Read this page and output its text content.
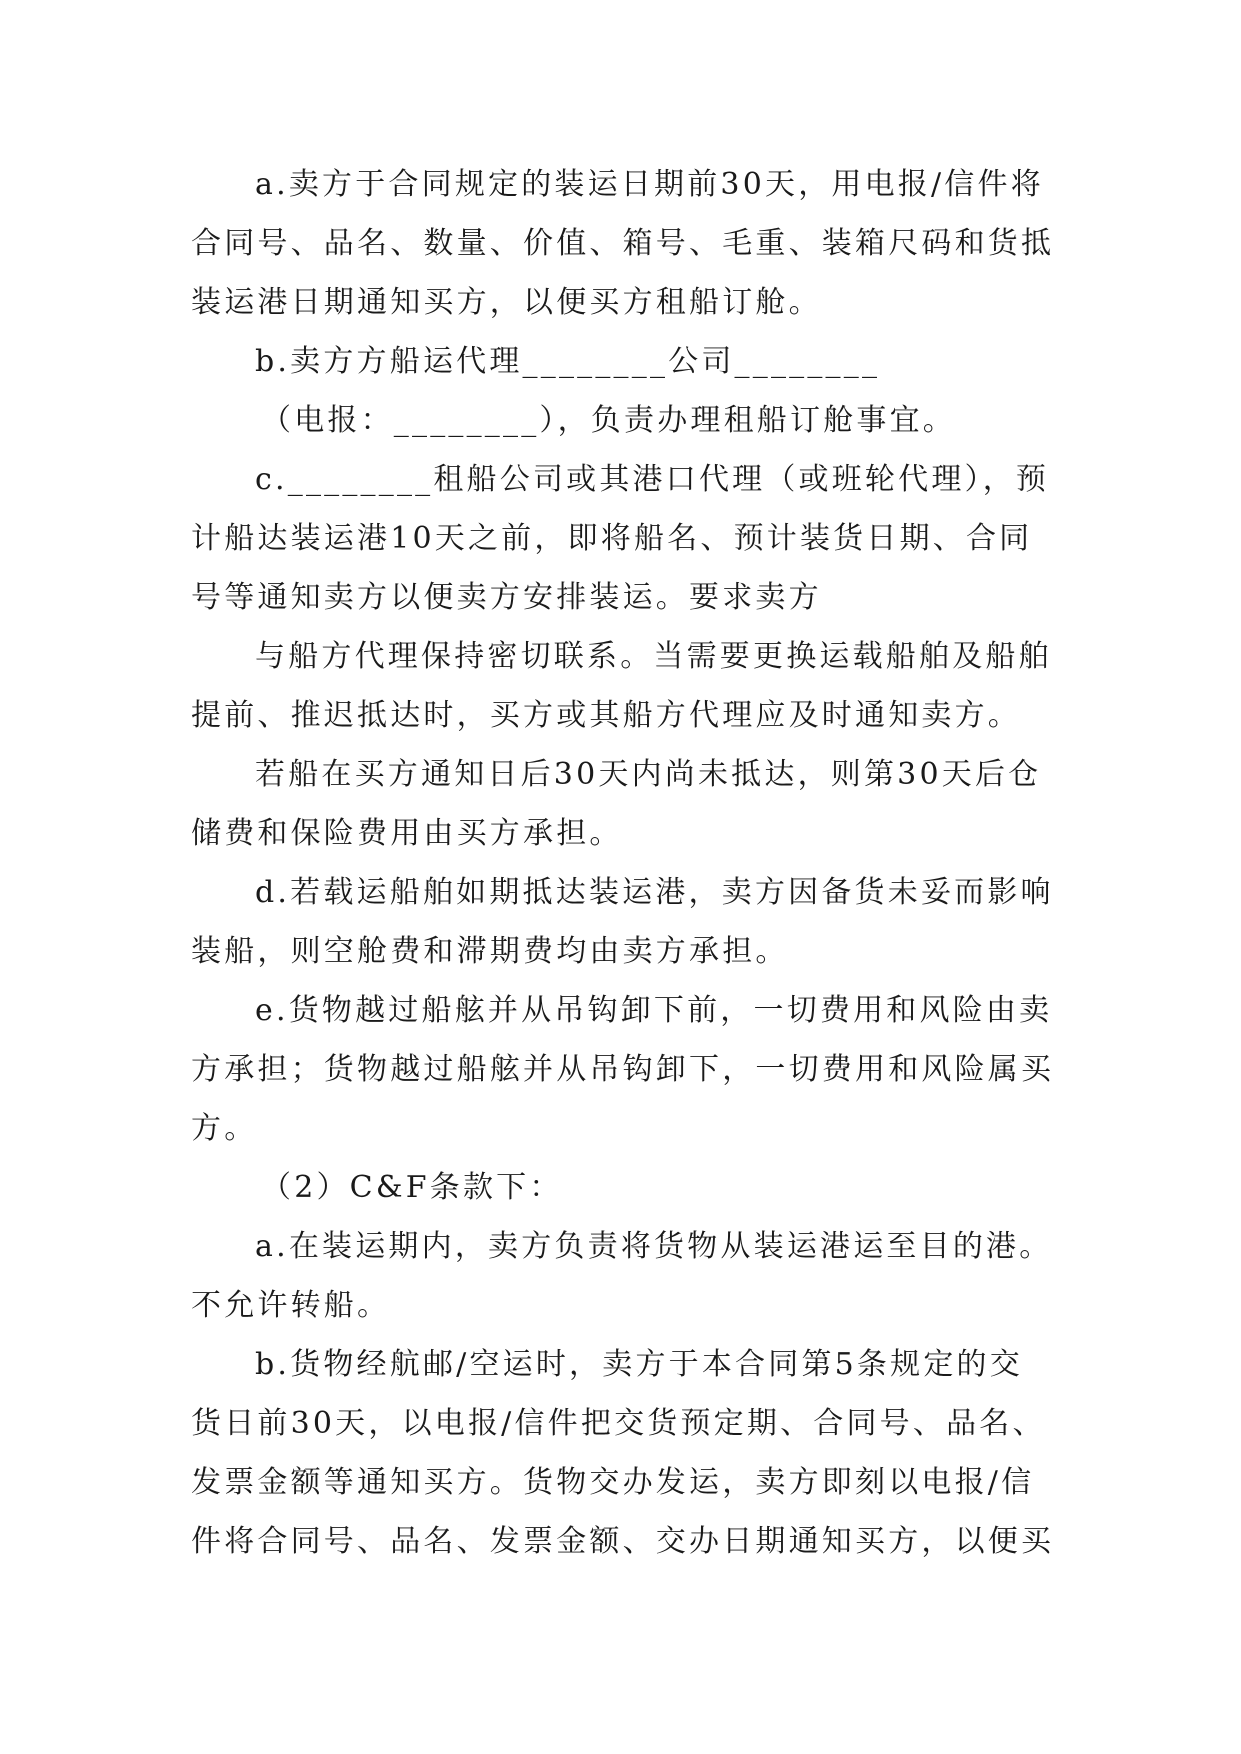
a.卖方于合同规定的装运日期前30天，用电报/信件将

合同号、品名、数量、价值、箱号、毛重、装箱尺码和货抵

装运港日期通知买方，以便买方租船订舱。

b.卖方方船运代理________公司________

（电报：________），负责办理租船订舱事宜。

c.________租船公司或其港口代理（或班轮代理），预

计船达装运港10天之前，即将船名、预计装货日期、合同

号等通知卖方以便卖方安排装运。要求卖方

与船方代理保持密切联系。当需要更换运载船舶及船舶

提前、推迟抵达时，买方或其船方代理应及时通知卖方。

若船在买方通知日后30天内尚未抵达，则第30天后仓

储费和保险费用由买方承担。

d.若载运船舶如期抵达装运港，卖方因备货未妥而影响

装船，则空舱费和滞期费均由卖方承担。

e.货物越过船舷并从吊钩卸下前，一切费用和风险由卖

方承担；货物越过船舷并从吊钩卸下，一切费用和风险属买

方。

（2）C&F条款下：

a.在装运期内，卖方负责将货物从装运港运至目的港。

不允许转船。

b.货物经航邮/空运时，卖方于本合同第5条规定的交

货日前30天，以电报/信件把交货预定期、合同号、品名、

发票金额等通知买方。货物交办发运，卖方即刻以电报/信

件将合同号、品名、发票金额、交办日期通知买方，以便买
